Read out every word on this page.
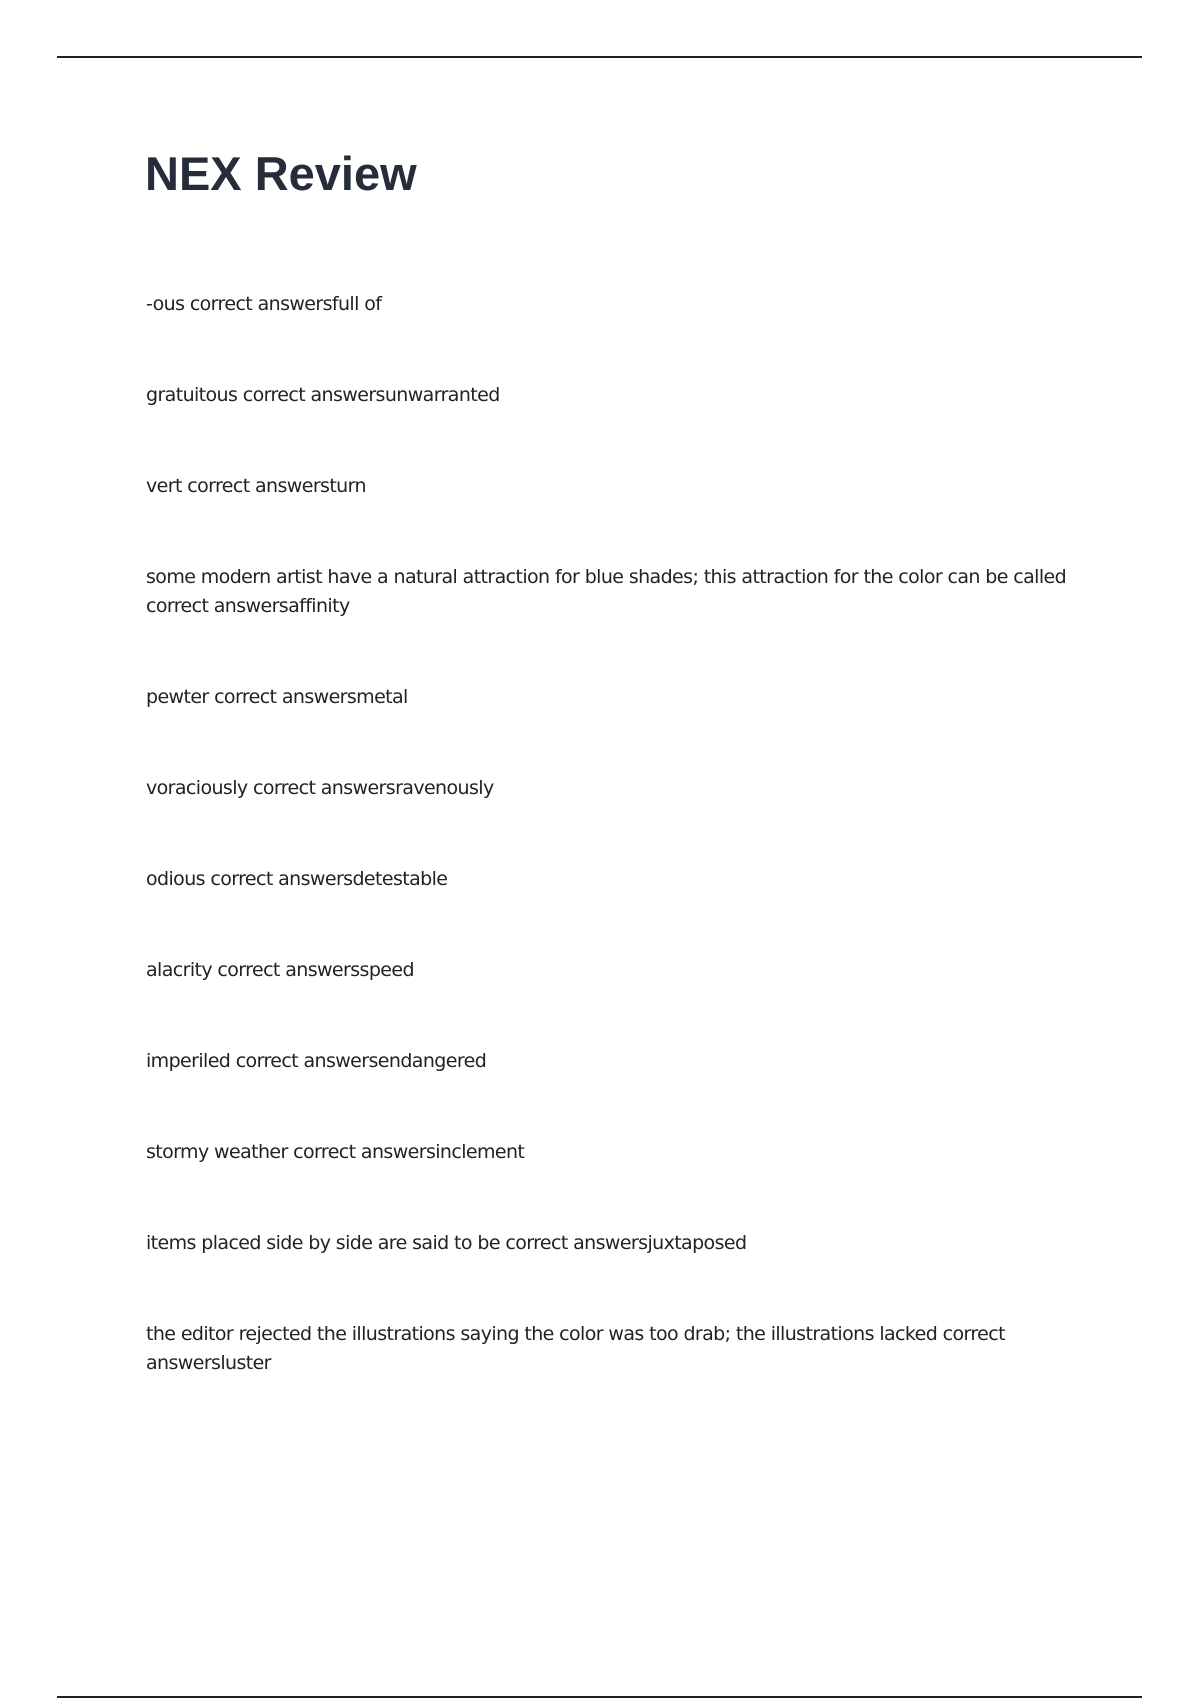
NEX Review
-ous correct answersfull of
gratuitous correct answersunwarranted
vert correct answersturn
some modern artist have a natural attraction for blue shades; this attraction for the color can be called correct answersaffinity
pewter correct answersmetal
voraciously correct answersravenously
odious correct answersdetestable
alacrity correct answersspeed
imperiled correct answersendangered
stormy weather correct answersinclement
items placed side by side are said to be correct answersjuxtaposed
the editor rejected the illustrations saying the color was too drab; the illustrations lacked correct answersluster
